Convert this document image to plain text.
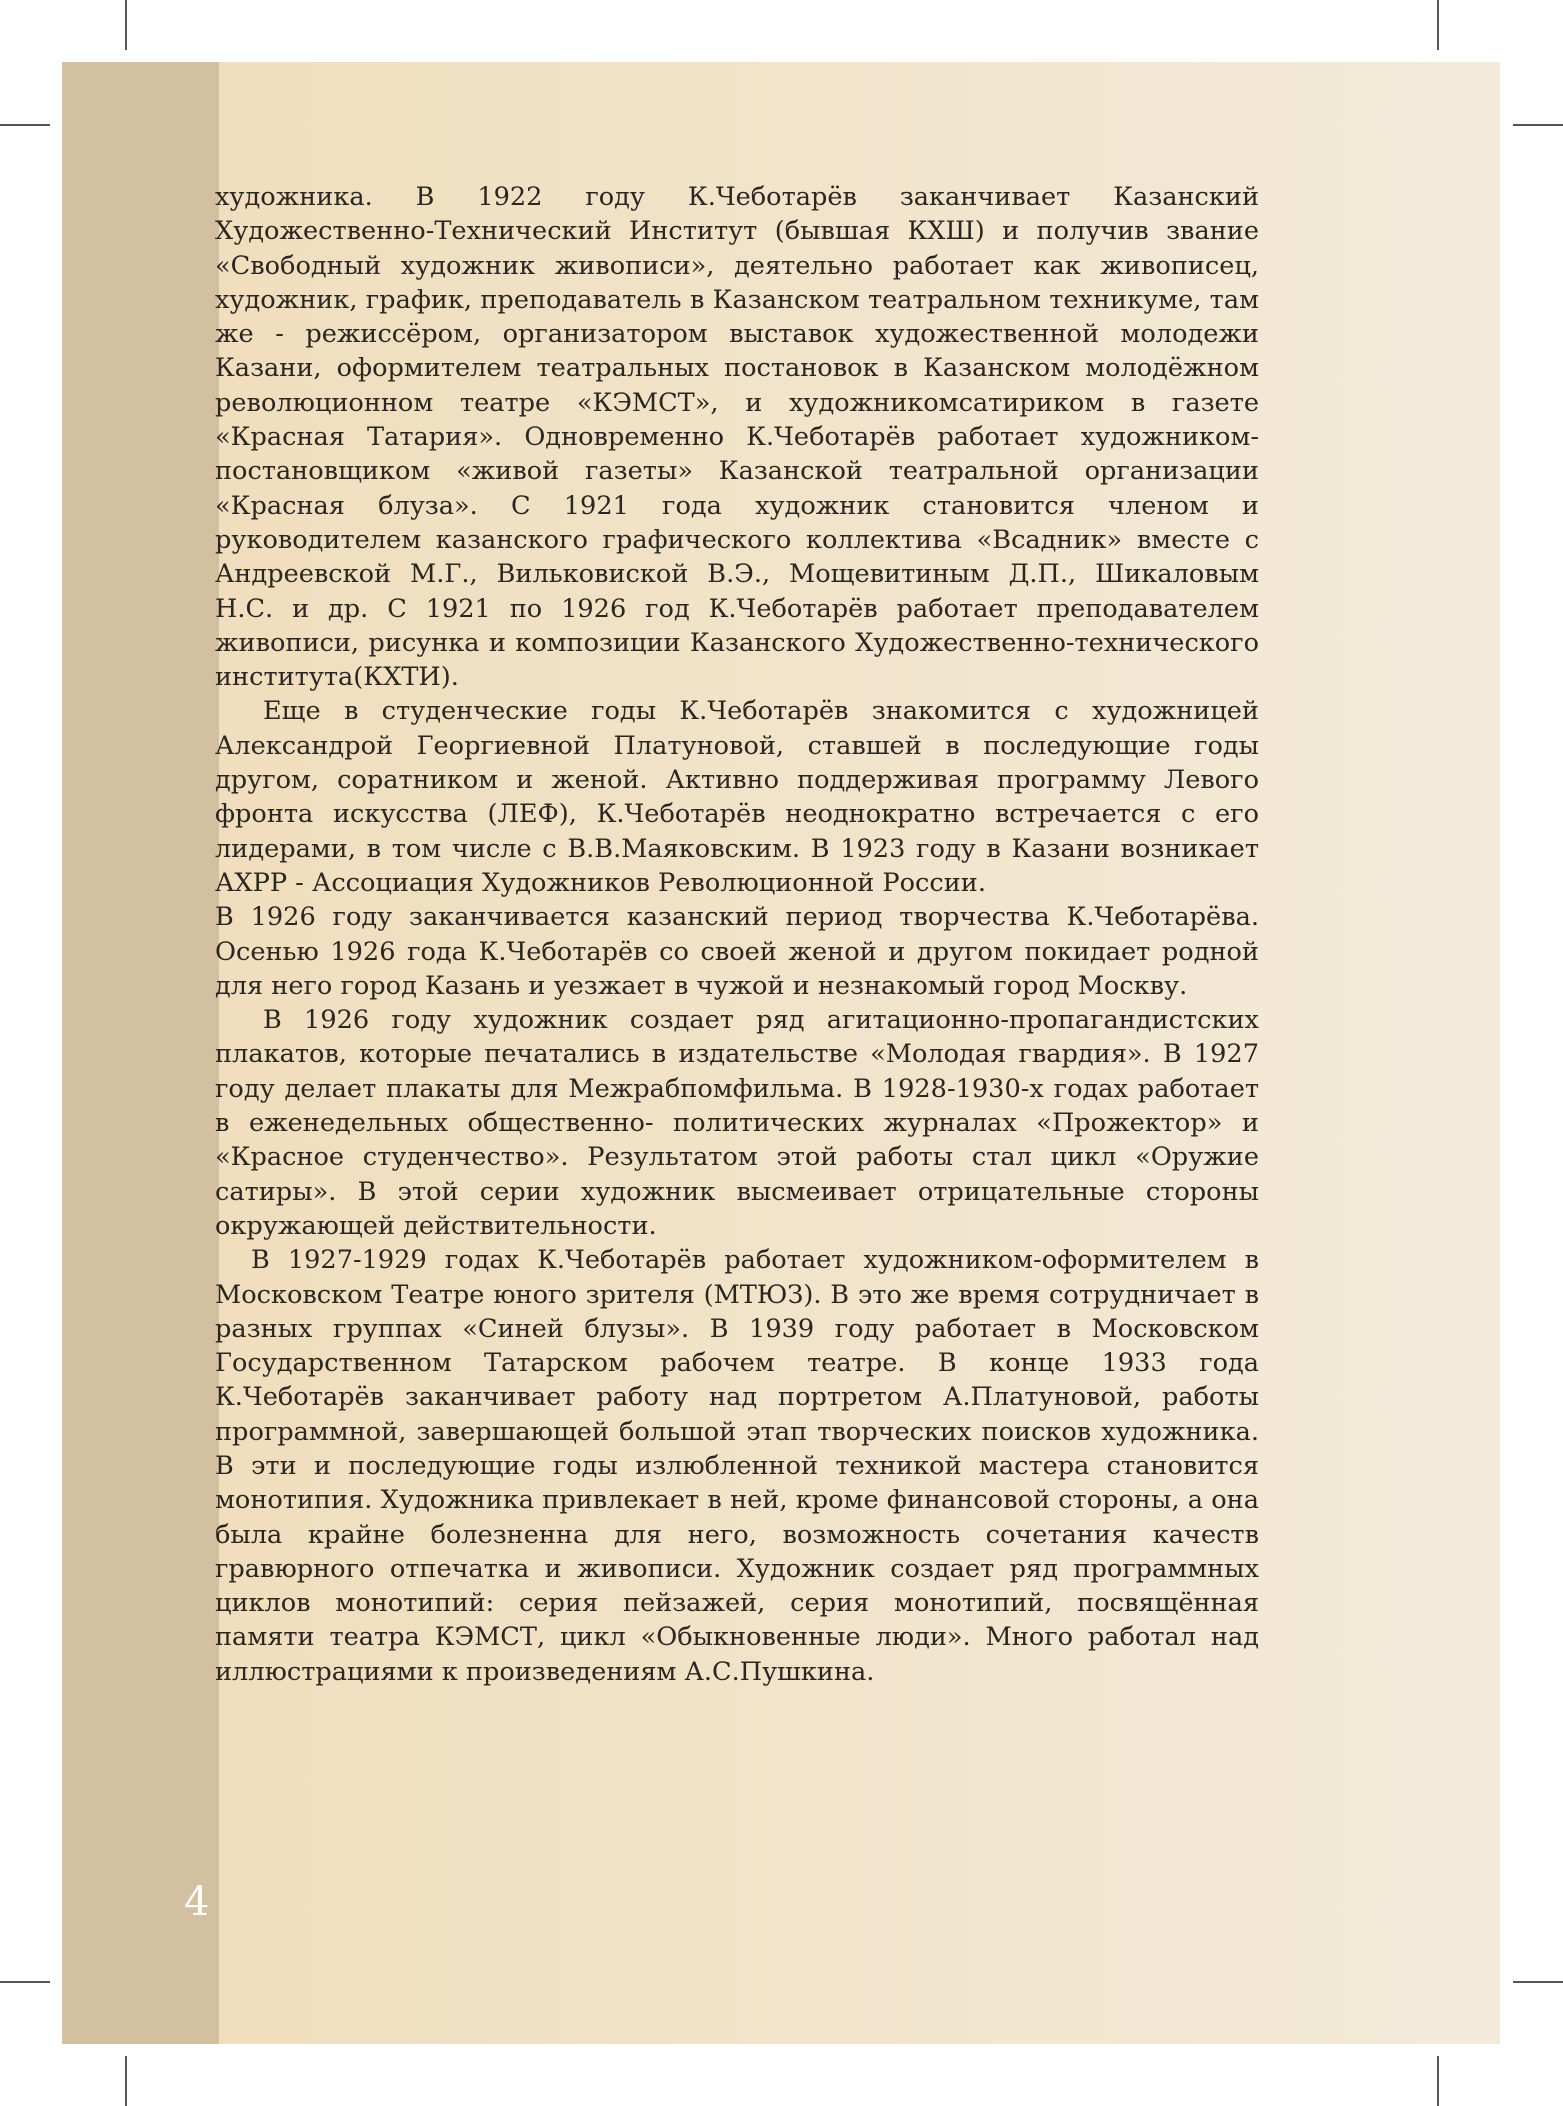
4

художника. В 1922 году К.Чеботарёв заканчивает Казанский Художественно-Технический Институт (бывшая КХШ) и получив звание «Свободный художник живописи», деятельно работает как живописец, художник, график, преподаватель в Казанском театральном техникуме, там же - режиссёром, организатором выставок художественной молодежи Казани, оформителем театральных постановок в Казанском молодёжном революционном театре «КЭМСТ», и художникомсатириком в газете «Красная Татария». Одновременно К.Чеботарёв работает художником-постановщиком «живой газеты» Казанской театральной организации «Красная блуза». С 1921 года художник становится членом и руководителем казанского графического коллектива «Всадник» вместе с Андреевской М.Г., Вильковиской В.Э., Мощевитиным Д.П., Шикаловым Н.С. и др. С 1921 по 1926 год К.Чеботарёв работает преподавателем живописи, рисунка и композиции Казанского Художественно-технического института(КХТИ).

Еще в студенческие годы К.Чеботарёв знакомится с художницей Александрой Георгиевной Платуновой, ставшей в последующие годы другом, соратником и женой. Активно поддерживая программу Левого фронта искусства (ЛЕФ), К.Чеботарёв неоднократно встречается с его лидерами, в том числе с В.В.Маяковским. В 1923 году в Казани возникает АХРР - Ассоциация Художников Революционной России.

В 1926 году заканчивается казанский период творчества К.Чеботарёва. Осенью 1926 года К.Чеботарёв со своей женой и другом покидает родной для него город Казань и уезжает в чужой и незнакомый город Москву.

В 1926 году художник создает ряд агитационно-пропагандистских плакатов, которые печатались в издательстве «Молодая гвардия». В 1927 году делает плакаты для Межрабпомфильма. В 1928-1930-х годах работает в еженедельных общественно- политических журналах «Прожектор» и «Красное студенчество». Результатом этой работы стал цикл «Оружие сатиры». В этой серии художник высмеивает отрицательные стороны окружающей действительности.

В 1927-1929 годах К.Чеботарёв работает художником-оформителем в Московском Театре юного зрителя (МТЮЗ). В это же время сотрудничает в разных группах «Синей блузы». В 1939 году работает в Московском Государственном Татарском рабочем театре. В конце 1933 года К.Чеботарёв заканчивает работу над портретом А.Платуновой, работы программной, завершающей большой этап творческих поисков художника. В эти и последующие годы излюбленной техникой мастера становится монотипия. Художника привлекает в ней, кроме финансовой стороны, а она была крайне болезненна для него, возможность сочетания качеств гравюрного отпечатка и живописи. Художник создает ряд программных циклов монотипий: серия пейзажей, серия монотипий, посвящённая памяти театра КЭМСТ, цикл «Обыкновенные люди». Много работал над иллюстрациями к произведениям А.С.Пушкина.
